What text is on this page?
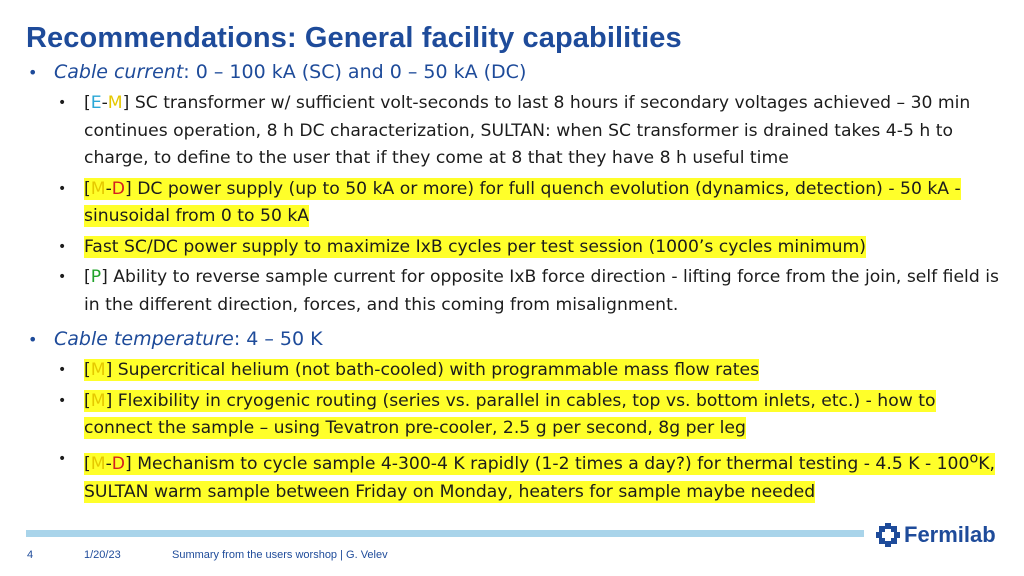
Recommendations: General facility capabilities
• Cable current: 0 – 100 kA (SC) and 0 – 50 kA (DC)
• [E-M] SC transformer w/ sufficient volt-seconds to last 8 hours if secondary voltages achieved – 30 min continues operation, 8 h DC characterization, SULTAN: when SC transformer is drained takes 4-5 h to charge, to define to the user that if they come at 8 that they have 8 h useful time
• [M-D] DC power supply (up to 50 kA or more) for full quench evolution (dynamics, detection) - 50 kA - sinusoidal from 0 to 50 kA
• Fast SC/DC power supply to maximize IxB cycles per test session (1000’s cycles minimum)
• [P] Ability to reverse sample current for opposite IxB force direction - lifting force from the join, self field is in the different direction, forces, and this coming from misalignment.
• Cable temperature: 4 – 50 K
• [M] Supercritical helium (not bath-cooled) with programmable mass flow rates
• [M] Flexibility in cryogenic routing (series vs. parallel in cables, top vs. bottom inlets, etc.) - how to connect the sample – using Tevatron pre-cooler, 2.5 g per second, 8g per leg
• [M-D] Mechanism to cycle sample 4-300-4 K rapidly (1-2 times a day?) for thermal testing - 4.5 K - 100$^o$K, SULTAN warm sample between Friday on Monday, heaters for sample maybe needed
Fermilab
4	1/20/23	Summary from the users worshop | G. Velev
